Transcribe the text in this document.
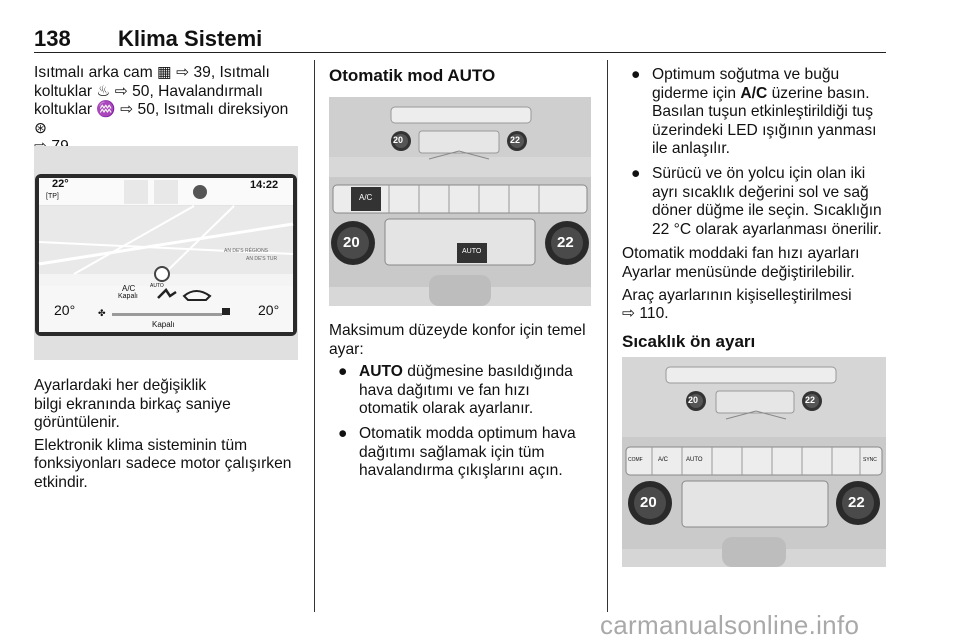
138 Klima Sistemi

Isıtmalı arka cam ▦ ⇨ 39, Isıtmalı
koltuklar ♨ ⇨ 50, Havalandırmalı
koltuklar ♒ ⇨ 50, Isıtmalı direksiyon ⊛

22°
[TP]
14:22
AN DE'S RÉGIONS
AN DE'S TUR
A/C
Kapalı
AUTO
20°	✤	20°
Kapalı

Ayarlardaki her değişiklik
bilgi ekranında birkaç saniye
görüntülenir.

Elektronik klima sisteminin tüm
fonksiyonları sadece motor çalışırken
etkindir.

Otomatik mod AUTO
20	22
A/C
AUTO
20	22

Maksimum düzeyde konfor için temel
ayar:

● AUTO düğmesine basıldığında
hava dağıtımı ve fan hızı
otomatik olarak ayarlanır.
● Otomatik modda optimum hava
dağıtımı sağlamak için tüm
havalandırma çıkışlarını açın.
● Optimum soğutma ve buğu
giderme için A/C üzerine basın.
Basılan tuşun etkinleştirildiği tuş
üzerindeki LED ışığının yanması
ile anlaşılır.
● Sürücü ve ön yolcu için olan iki
ayrı sıcaklık değerini sol ve sağ
döner düğme ile seçin. Sıcaklığın
22 °C olarak ayarlanması önerilir.

Otomatik moddaki fan hızı ayarları
Ayarlar menüsünde değiştirilebilir.

Araç ayarlarının kişiselleştirilmesi
⇨ 110.

Sıcaklık ön ayarı
20	22
COMF	A/C	AUTO	SYNC
20	22
carmanualsonline.info
